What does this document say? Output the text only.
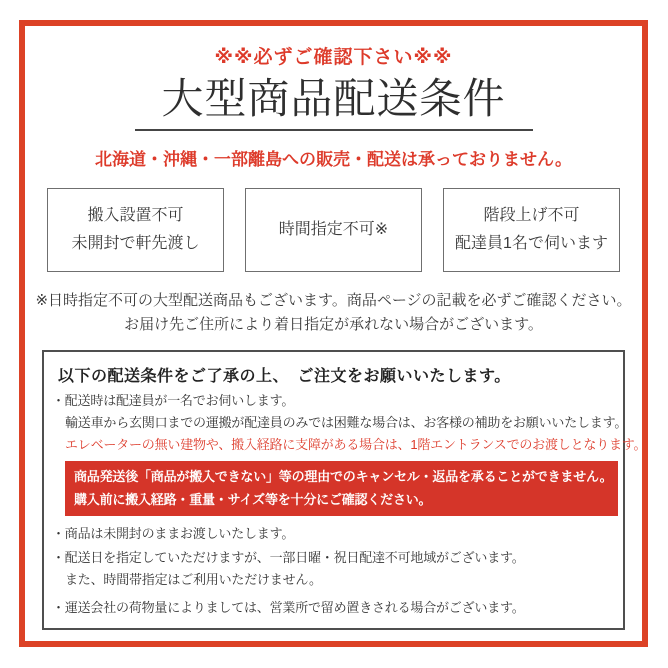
※※必ずご確認下さい※※
大型商品配送条件
北海道・沖縄・一部離島への販売・配送は承っておりません。
搬入設置不可
未開封で軒先渡し
時間指定不可※
階段上げ不可
配達員1名で伺います
※日時指定不可の大型配送商品もございます。商品ページの記載を必ずご確認ください。
お届け先ご住所により着日指定が承れない場合がございます。
以下の配送条件をご了承の上、　ご注文をお願いいたします。
・配送時は配達員が一名でお伺いします。
輸送車から玄関口までの運搬が配達員のみでは困難な場合は、お客様の補助をお願いいたします。
エレベーターの無い建物や、搬入経路に支障がある場合は、1階エントランスでのお渡しとなります。
商品発送後「商品が搬入できない」等の理由でのキャンセル・返品を承ることができません。
購入前に搬入経路・重量・サイズ等を十分にご確認ください。
・商品は未開封のままお渡しいたします。
・配送日を指定していただけますが、一部日曜・祝日配達不可地域がございます。
また、時間帯指定はご利用いただけません。
・運送会社の荷物量によりましては、営業所で留め置きされる場合がございます。
